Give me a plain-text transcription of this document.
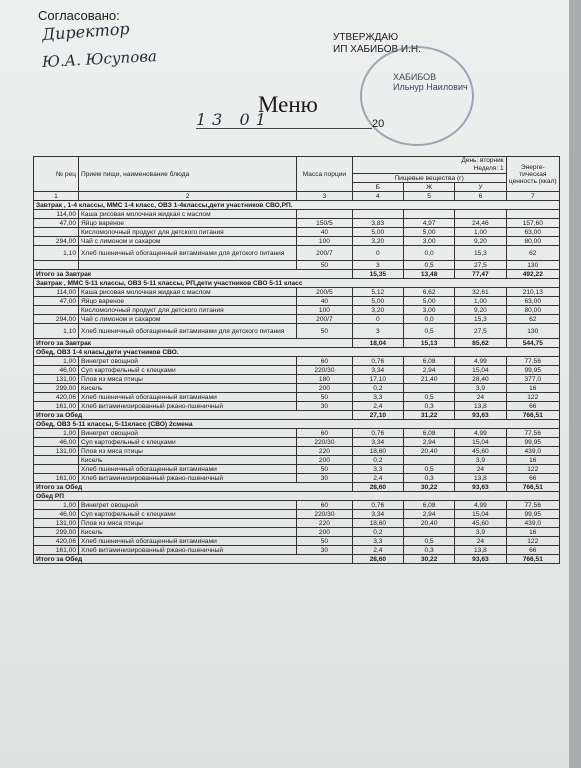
Согласовано:
Директор
Ю.А. Юсупова
УТВЕРЖДАЮ
ИП ХАБИБОВ И.Н.
ХАБИБОВ
Ильнур Наилович
Меню
13 01	20
№ рец	Прием пищи, наименование блюда	Масса порции	День: вторник
Неделя: 1			Энерге-тическая ценность (ккал)
			Пищевые вещества (г)			
			Б	Ж	У	
1	2	3	4	5	6	7
Завтрак , 1-4 классы, ММС 1-4 класс, ОВЗ 1-4классы,дети участников СВО,РП.						
114,00	Каша рисовая молочная жидкая с маслом					
47,00	Яйцо вареное	150/5	3,83	4,97	24,46	157,60
	Кисломолочный продукт для детского питания	40	5,00	5,00	1,00	63,00
294,00	Чай с лимоном и сахаром	100	3,20	3,00	9,20	80,00
1,10	Хлеб пшеничный обогащенный витаминами для детского питания	200/7	0	0,0	15,3	62
		50	3	0,5	27,5	130
Итого за Завтрак			15,35	13,48	77,47	492,22
Завтрак , ММС 5-11 классы, ОВЗ 5-11 классы, РП,дети участников СВО 5-11 класс						
114,00	Каша рисовая молочная жидкая с маслом	200/5	5,12	6,62	32,61	210,13
47,00	Яйцо вареное	40	5,00	5,00	1,00	63,00
	Кисломолочный продукт для детского питания	100	3,20	3,00	9,20	80,00
294,00	Чай с лимоном и сахаром	200/7	0	0,0	15,3	62
1,10	Хлеб пшеничный обогащенный витаминами для детского питания	50	3	0,5	27,5	130
Итого за Завтрак			18,04	15,13	85,62	544,75
Обед, ОВЗ 1-4 класы,дети участников СВО.						
1,00	Винегрет овощной	60	0,76	6,08	4,99	77,56
46,00	Суп картофельный с клецками	220/30	3,34	2,94	15,04	99,95
131,00	Плов из мяса птицы	180	17,10	21,40	28,40	377,0
299,00	Кисель	200	0,2		3,9	16
420,06	Хлеб пшеничный обогащенный витаминами	50	3,3	0,5	24	122
161,00	Хлеб витаминизированный ржано-пшеничный	30	2,4	0,3	13,8	66
Итого за Обед			27,10	31,22	93,63	766,51
Обед, ОВЗ 5-11 классы, 5-11класс (СВО) 2смена						
1,00	Винегрет овощной	60	0,76	6,08	4,99	77,56
46,00	Суп картофельный с клецками	220/30	3,34	2,94	15,04	99,95
131,00	Плов из мяса птицы	220	18,60	20,40	45,60	439,0
	Кисель	200	0,2		3,9	16
	Хлеб пшеничный обогащенный витаминами	50	3,3	0,5	24	122
161,00	Хлеб витаминизированный ржано-пшеничный	30	2,4	0,3	13,8	66
Итого за Обед			28,60	30,22	93,63	766,51
Обед РП						
1,00	Винегрет овощной	60	0,76	6,08	4,99	77,56
46,00	Суп картофельный с клецками	220/30	3,34	2,94	15,04	99,95
131,00	Плов из мяса птицы	220	18,60	20,40	45,60	439,0
299,00	Кисель	200	0,2		3,9	16
420,06	Хлеб пшеничный обогащенный витаминами	50	3,3	0,5	24	122
161,00	Хлеб витаминизированный ржано-пшеничный	30	2,4	0,3	13,8	66
Итого за Обед			28,60	30,22	93,63	766,51
